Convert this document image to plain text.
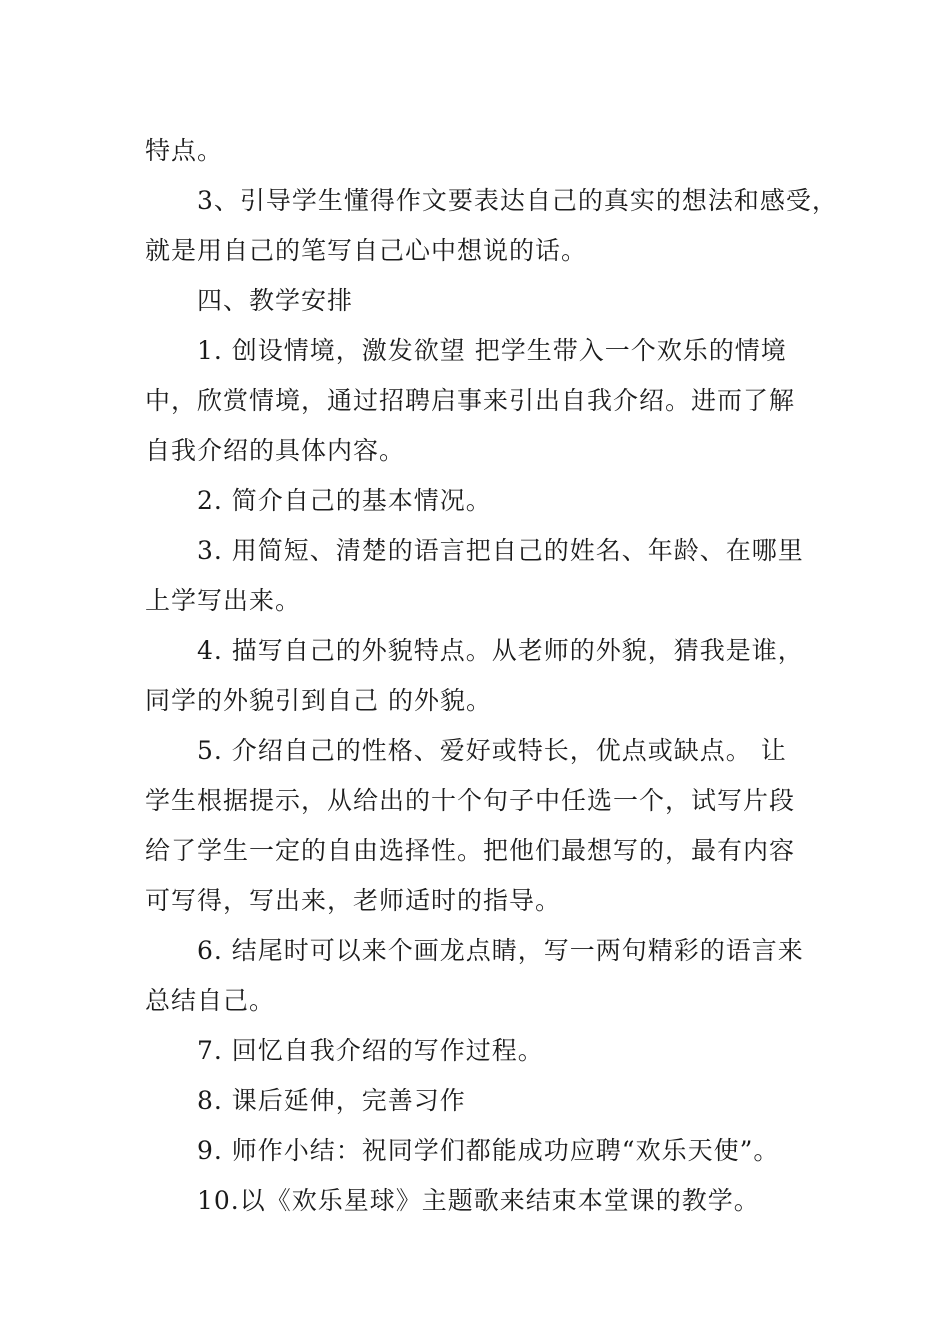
特点。

3、引导学生懂得作文要表达自己的真实的想法和感受，

就是用自己的笔写自己心中想说的话。

四、教学安排

1. 创设情境，激发欲望 把学生带入一个欢乐的情境

中，欣赏情境，通过招聘启事来引出自我介绍。进而了解

自我介绍的具体内容。

2. 简介自己的基本情况。

3. 用简短、清楚的语言把自己的姓名、年龄、在哪里

上学写出来。

4. 描写自己的外貌特点。从老师的外貌，猜我是谁，

同学的外貌引到自己 的外貌。

5. 介绍自己的性格、爱好或特长，优点或缺点。 让

学生根据提示，从给出的十个句子中任选一个，试写片段

给了学生一定的自由选择性。把他们最想写的，最有内容

可写得，写出来，老师适时的指导。

6. 结尾时可以来个画龙点睛，写一两句精彩的语言来

总结自己。

7. 回忆自我介绍的写作过程。

8. 课后延伸，完善习作

9. 师作小结：祝同学们都能成功应聘“欢乐天使”。

10.以《欢乐星球》主题歌来结束本堂课的教学。
